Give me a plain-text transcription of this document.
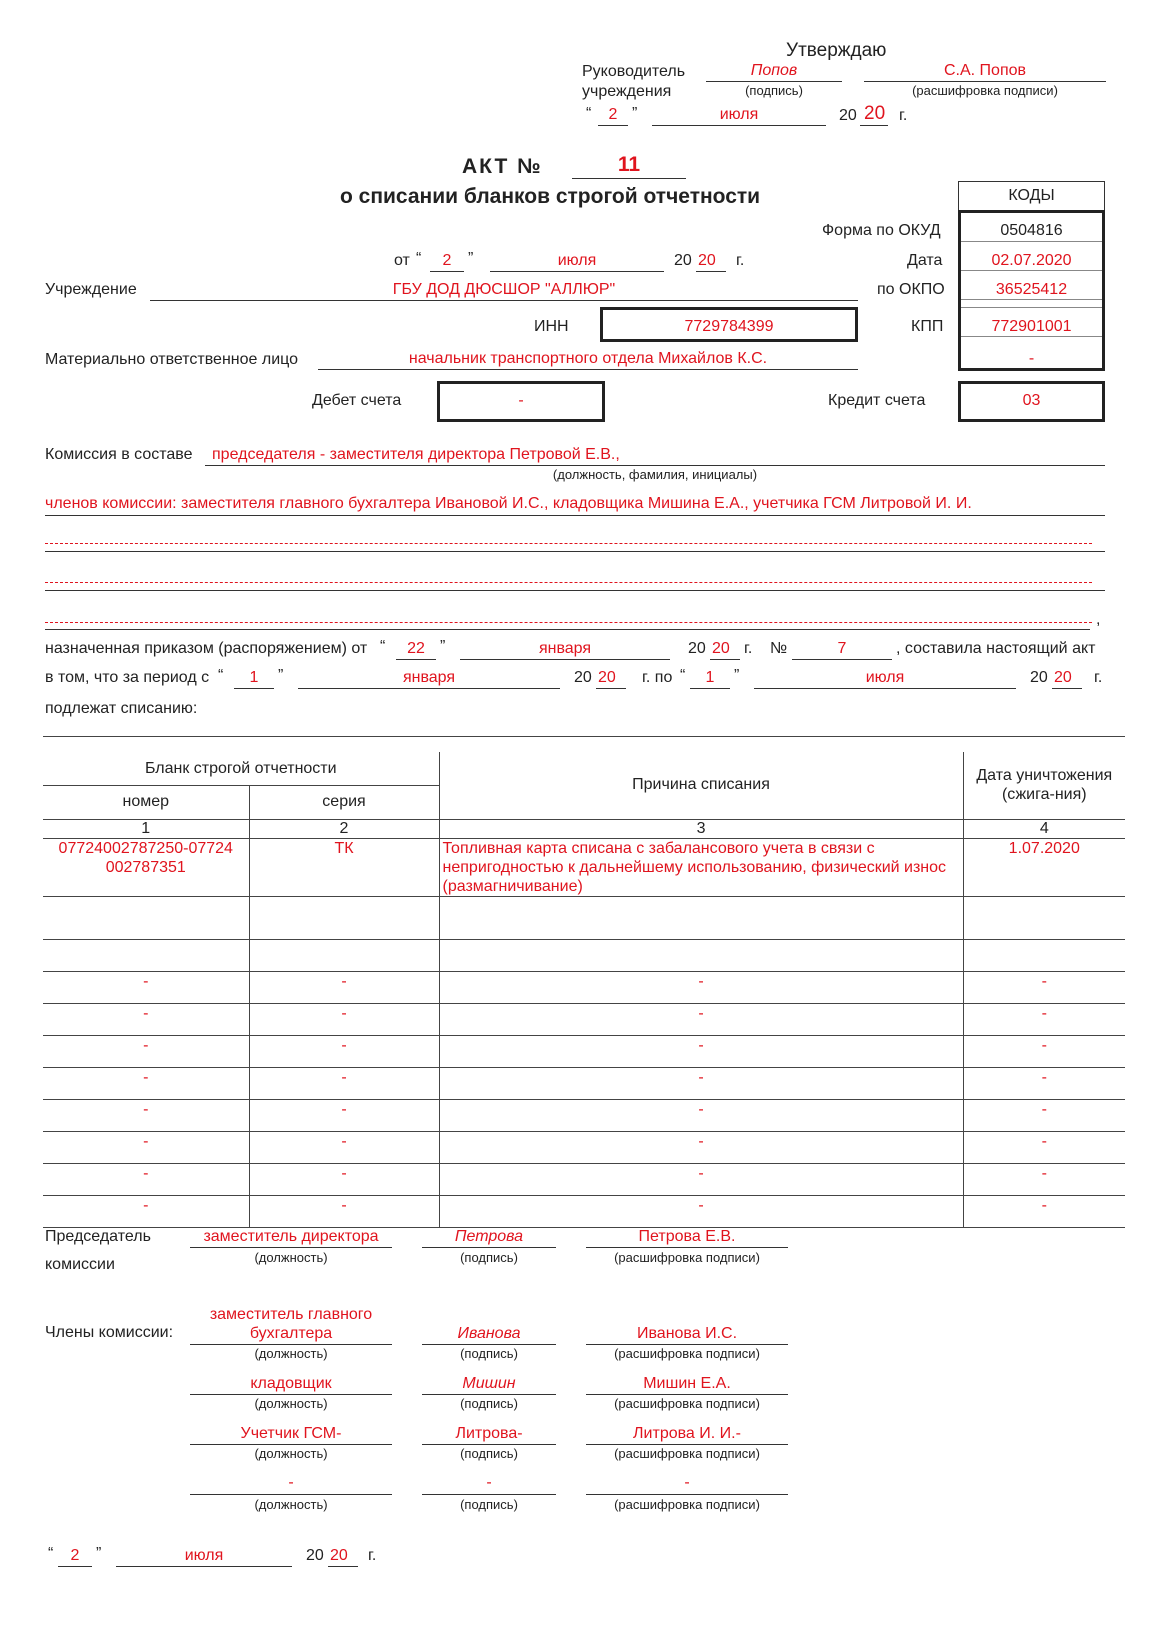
Утверждаю
Руководитель
учреждения
Попов
(подпись)
С.А. Попов
(расшифровка подписи)
“	2 ”	июля	20 20 г.
АКТ №	11
о списании бланков строгой отчетности	КОДЫ
Форма по ОКУД	0504816
Дата	02.07.2020
по ОКПО	36525412
КПП	772901001
-
от “	2	”	июля	20 20 г.
Учреждение	ГБУ ДОД ДЮСШОР "АЛЛЮР"
ИНН	7729784399
Материально ответственное лицо	начальник транспортного отдела Михайлов К.С.
Дебет счета	-	Кредит счета	03
Комиссия в составе председателя - заместителя директора Петровой Е.В.,
(должность, фамилия, инициалы)
членов комиссии: заместителя главного бухгалтера Ивановой И.С., кладовщика Мишина Е.А., учетчика ГСМ Литровой И. И.
,
назначенная приказом (распоряжением) от “	22 ”	января	20 20 г. №	7	, составила настоящий акт
в том, что за период с “	1	”	января	20 20 г. по “	1	”	июля	20 20 г.
подлежат списанию:
Бланк строгой отчетности		Причина списания	Дата уничтожения (сжига-ния)
номер	серия		
1	2	3	4
07724002787250-07724002787351	ТК	Топливная карта списана с забалансового учета в связи с непригодностью к дальнейшему использованию, физический износ (размагничивание)	1.07.2020

-	-	-	-
-	-	-	-
-	-	-	-
-	-	-	-
-	-	-	-
-	-	-	-
-	-	-	-
-	-	-	-

Председатель
комиссии
заместитель директора
(должность)
Петрова
(подпись)
Петрова Е.В.
(расшифровка подписи)
Члены комиссии:
заместитель главного
бухгалтера
(должность)
Иванова
(подпись)
Иванова И.С.
(расшифровка подписи)
кладовщик
(должность)
Мишин
(подпись)
Мишин Е.А.
(расшифровка подписи)
Учетчик ГСМ-
(должность)
Литрова-
(подпись)
Литрова И. И.-
(расшифровка подписи)
-
(должность)
-
(подпись)
-
(расшифровка подписи)
“	2	”	июля	20 20 г.
